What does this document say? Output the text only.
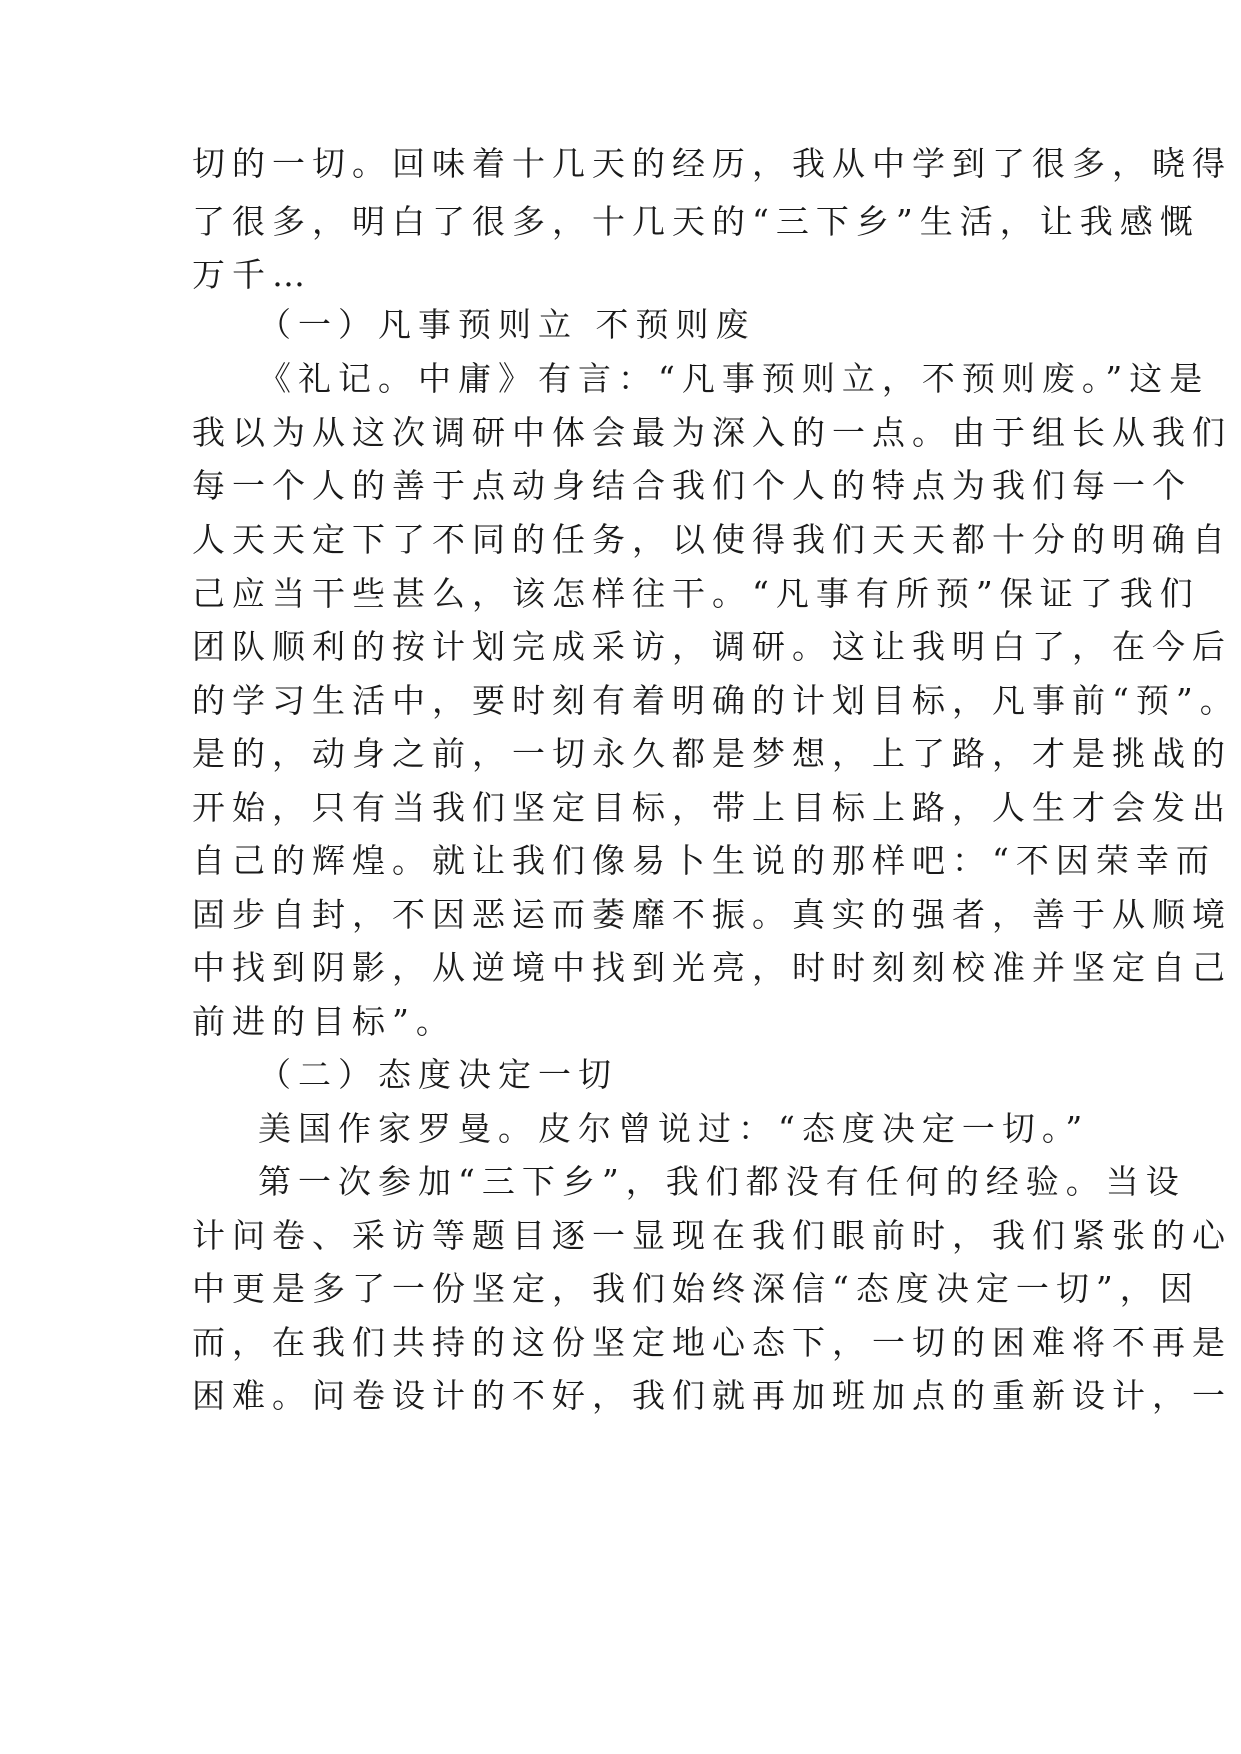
切的一切。回味着十几天的经历，我从中学到了很多，晓得
了很多，明白了很多，十几天的“三下乡”生活，让我感慨
万千…
（一）凡事预则立 不预则废
《礼记。中庸》有言：“凡事预则立，不预则废。”这是
我以为从这次调研中体会最为深入的一点。由于组长从我们
每一个人的善于点动身结合我们个人的特点为我们每一个
人天天定下了不同的任务，以使得我们天天都十分的明确自
己应当干些甚么，该怎样往干。“凡事有所预”保证了我们
团队顺利的按计划完成采访，调研。这让我明白了，在今后
的学习生活中，要时刻有着明确的计划目标，凡事前“预”。
是的，动身之前，一切永久都是梦想，上了路，才是挑战的
开始，只有当我们坚定目标，带上目标上路，人生才会发出
自己的辉煌。就让我们像易卜生说的那样吧：“不因荣幸而
固步自封，不因恶运而萎靡不振。真实的强者，善于从顺境
中找到阴影，从逆境中找到光亮，时时刻刻校准并坚定自己
前进的目标”。
（二）态度决定一切
美国作家罗曼。皮尔曾说过：“态度决定一切。”
第一次参加“三下乡”，我们都没有任何的经验。当设
计问卷、采访等题目逐一显现在我们眼前时，我们紧张的心
中更是多了一份坚定，我们始终深信“态度决定一切”，因
而，在我们共持的这份坚定地心态下，一切的困难将不再是
困难。问卷设计的不好，我们就再加班加点的重新设计，一
